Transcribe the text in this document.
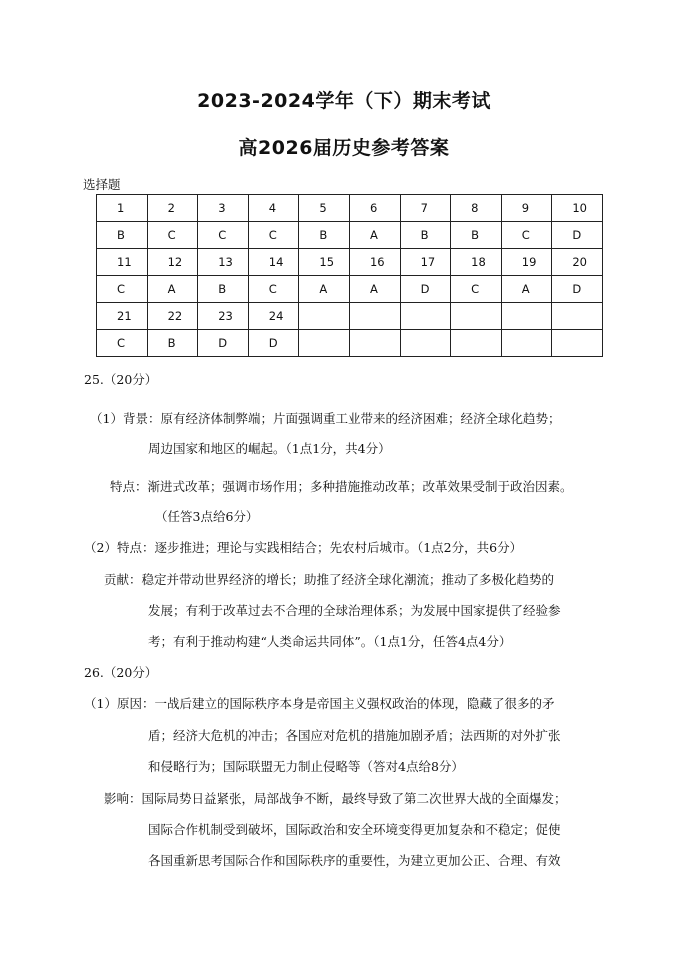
2023-2024学年（下）期末考试
高2026届历史参考答案
选择题
1	2	3	4	5	6	7	8	9	10
B	C	C	C	B	A	B	B	C	D
11	12	13	14	15	16	17	18	19	20
C	A	B	C	A	A	D	C	A	D
21	22	23	24						
C	B	D	D						
25.（20分）
（1）背景：原有经济体制弊端；片面强调重工业带来的经济困难；经济全球化趋势；
周边国家和地区的崛起。（1点1分，共4分）
特点：渐进式改革；强调市场作用；多种措施推动改革；改革效果受制于政治因素。
（任答3点给6分）
（2）特点：逐步推进；理论与实践相结合；先农村后城市。（1点2分，共6分）
贡献：稳定并带动世界经济的增长；助推了经济全球化潮流；推动了多极化趋势的
发展；有利于改革过去不合理的全球治理体系；为发展中国家提供了经验参
考；有利于推动构建“人类命运共同体”。（1点1分，任答4点4分）
26.（20分）
（1）原因：一战后建立的国际秩序本身是帝国主义强权政治的体现，隐藏了很多的矛
盾；经济大危机的冲击；各国应对危机的措施加剧矛盾；法西斯的对外扩张
和侵略行为；国际联盟无力制止侵略等（答对4点给8分）
影响：国际局势日益紧张，局部战争不断，最终导致了第二次世界大战的全面爆发；
国际合作机制受到破坏，国际政治和安全环境变得更加复杂和不稳定；促使
各国重新思考国际合作和国际秩序的重要性，为建立更加公正、合理、有效
